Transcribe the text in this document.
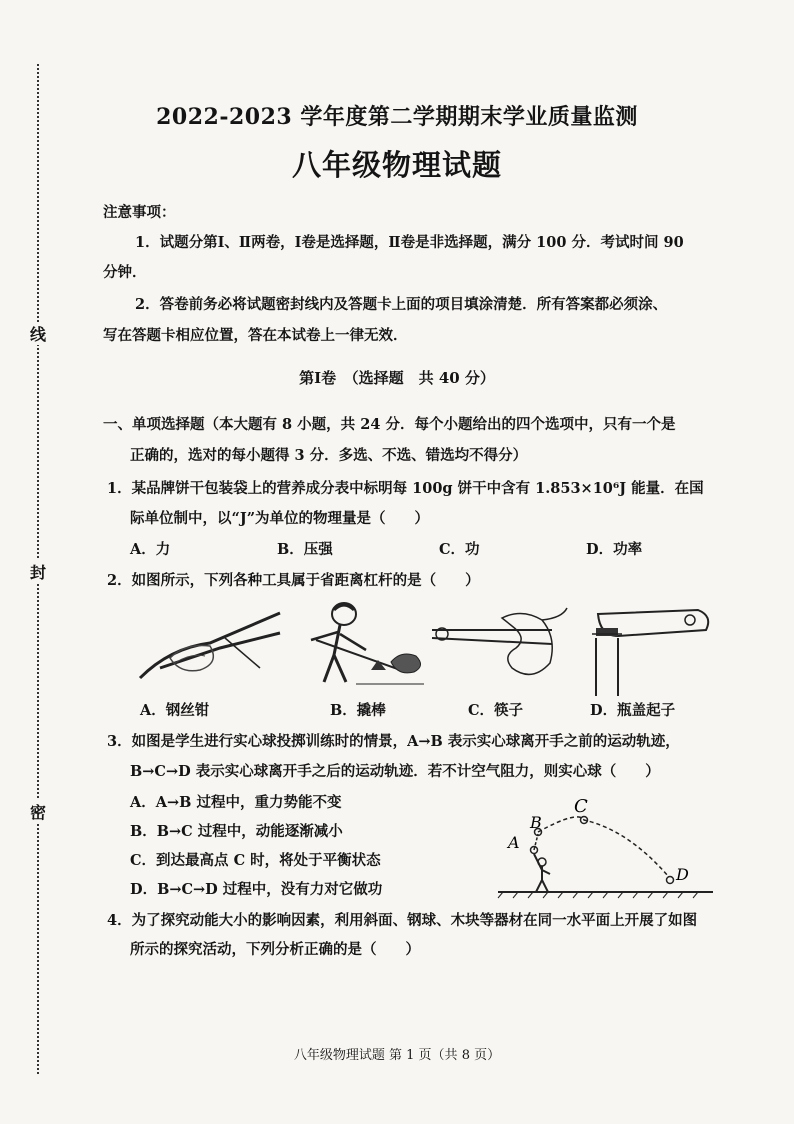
线
封
密
2022-2023 学年度第二学期期末学业质量监测
八年级物理试题
注意事项：
1．试题分第Ⅰ、Ⅱ两卷，Ⅰ卷是选择题，Ⅱ卷是非选择题，满分 100 分．考试时间 90
分钟．
2．答卷前务必将试题密封线内及答题卡上面的项目填涂清楚．所有答案都必须涂、
写在答题卡相应位置，答在本试卷上一律无效．
第Ⅰ卷　（选择题　共 40 分）
一、单项选择题（本大题有 8 小题，共 24 分．每个小题给出的四个选项中，只有一个是
正确的，选对的每小题得 3 分．多选、不选、错选均不得分）
1．某品牌饼干包装袋上的营养成分表中标明每 100g 饼干中含有 1.853×10⁶J 能量．在国
际单位制中，以“J”为单位的物理量是（　　）
A．力	B．压强	C．功	D．功率
2．如图所示，下列各种工具属于省距离杠杆的是（　　）
A．钢丝钳	B．撬棒	C．筷子	D．瓶盖起子
3．如图是学生进行实心球投掷训练时的情景，A→B 表示实心球离开手之前的运动轨迹，
B→C→D 表示实心球离开手之后的运动轨迹．若不计空气阻力，则实心球（　　）
A．A→B 过程中，重力势能不变
B．B→C 过程中，动能逐渐减小
C．到达最高点 C 时，将处于平衡状态
D．B→C→D 过程中，没有力对它做功
A
B
C
D
4．为了探究动能大小的影响因素，利用斜面、钢球、木块等器材在同一水平面上开展了如图
所示的探究活动，下列分析正确的是（　　）
八年级物理试题 第 1 页（共 8 页）
